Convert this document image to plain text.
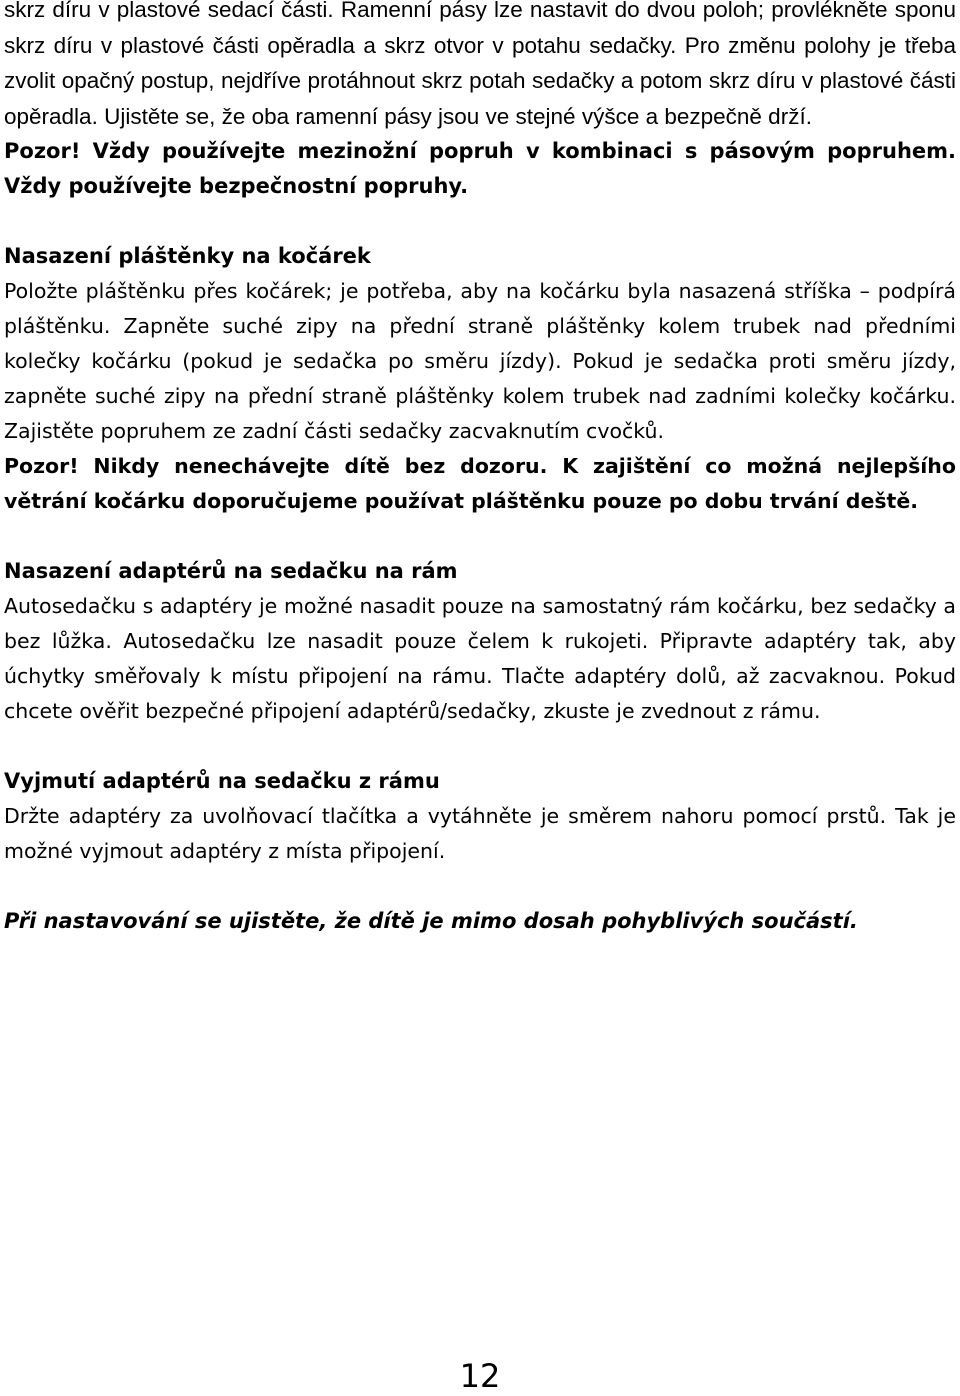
skrz díru v plastové sedací části. Ramenní pásy lze nastavit do dvou poloh; provlékněte sponu skrz díru v plastové části opěradla a skrz otvor v potahu sedačky. Pro změnu polohy je třeba zvolit opačný postup, nejdříve protáhnout skrz potah sedačky a potom skrz díru v plastové části opěradla. Ujistěte se, že oba ramenní pásy jsou ve stejné výšce a bezpečně drží.

Pozor! Vždy používejte mezinožní popruh v kombinaci s pásovým popruhem.
Vždy používejte bezpečnostní popruhy.
Nasazení pláštěnky na kočárek

Položte pláštěnku přes kočárek; je potřeba, aby na kočárku byla nasazená stříška – podpírá pláštěnku. Zapněte suché zipy na přední straně pláštěnky kolem trubek nad předními kolečky kočárku (pokud je sedačka po směru jízdy). Pokud je sedačka proti směru jízdy, zapněte suché zipy na přední straně pláštěnky kolem trubek nad zadními kolečky kočárku. Zajistěte popruhem ze zadní části sedačky zacvaknutím cvočků.

Pozor! Nikdy nenechávejte dítě bez dozoru. K zajištění co možná nejlepšího větrání kočárku doporučujeme používat pláštěnku pouze po dobu trvání deště.

Nasazení adaptérů na sedačku na rám

Autosedačku s adaptéry je možné nasadit pouze na samostatný rám kočárku, bez sedačky a bez lůžka. Autosedačku lze nasadit pouze čelem k rukojeti. Připravte adaptéry tak, aby úchytky směřovaly k místu připojení na rámu. Tlačte adaptéry dolů, až zacvaknou. Pokud chcete ověřit bezpečné připojení adaptérů/sedačky, zkuste je zvednout z rámu.

Vyjmutí adaptérů na sedačku z rámu

Držte adaptéry za uvolňovací tlačítka a vytáhněte je směrem nahoru pomocí prstů. Tak je možné vyjmout adaptéry z místa připojení.

Při nastavování se ujistěte, že dítě je mimo dosah pohyblivých součástí.

12
